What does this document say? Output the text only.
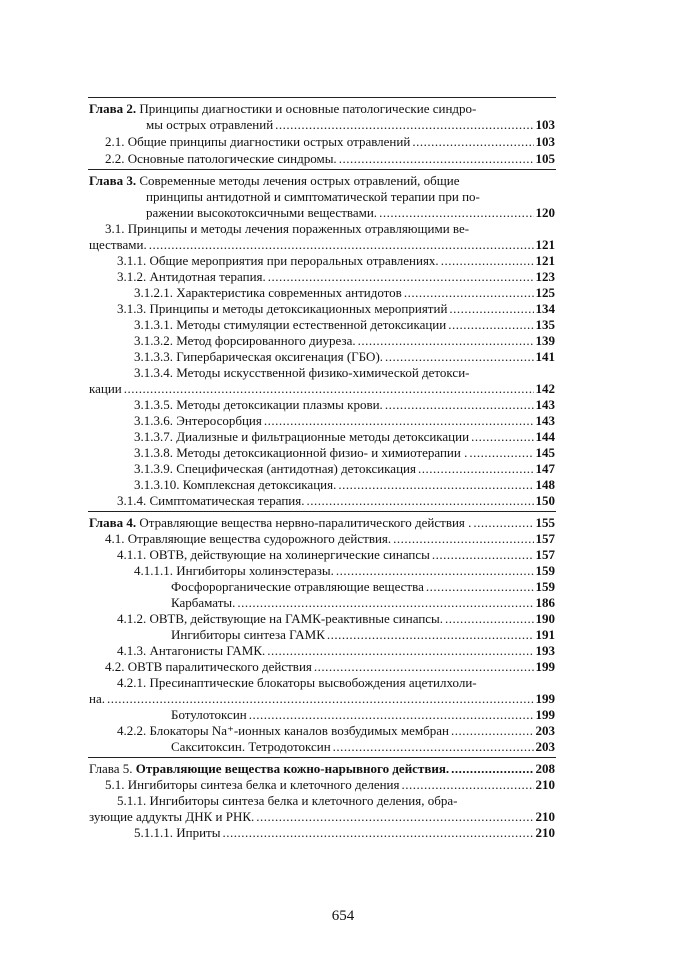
Глава 2. Принципы диагностики и основные патологические синдро-
мы острых отравлений .....	103
2.1. Общие принципы диагностики острых отравлений .....	103
2.2. Основные патологические синдромы. .....	105
Глава 3. Современные методы лечения острых отравлений, общие
принципы антидотной и симптоматической терапии при по-
ражении высокотоксичными веществами. .....	120
3.1. Принципы и методы лечения пораженных отравляющими ве-
ществами. .....	121
3.1.1. Общие мероприятия при пероральных отравлениях. .....	121
3.1.2. Антидотная терапия. .....	123
3.1.2.1. Характеристика современных антидотов .....	125
3.1.3. Принципы и методы детоксикационных мероприятий .....	134
3.1.3.1. Методы стимуляции естественной детоксикации .....	135
3.1.3.2. Метод форсированного диуреза. .....	139
3.1.3.3. Гипербарическая оксигенация (ГБО). .....	141
3.1.3.4. Методы искусственной физико-химической детокси-
кации .....	142
3.1.3.5. Методы детоксикации плазмы крови. .....	143
3.1.3.6. Энтеросорбция .....	143
3.1.3.7. Диализные и фильтрационные методы детоксикации .....	144
3.1.3.8. Методы детоксикационной физио- и химиотерапии . .....	145
3.1.3.9. Специфическая (антидотная) детоксикация .....	147
3.1.3.10. Комплексная детоксикация. .....	148
3.1.4. Симптоматическая терапия. .....	150
Глава 4. Отравляющие вещества нервно-паралитического действия . .....	155
4.1. Отравляющие вещества судорожного действия. .....	157
4.1.1. ОВТВ, действующие на холинергические синапсы .....	157
4.1.1.1. Ингибиторы холинэстеразы. .....	159
Фосфорорганические отравляющие вещества .....	159
Карбаматы. .....	186
4.1.2. ОВТВ, действующие на ГАМК-реактивные синапсы. .....	190
Ингибиторы синтеза ГАМК .....	191
4.1.3. Антагонисты ГАМК. .....	193
4.2. ОВТВ паралитического действия .....	199
4.2.1. Пресинаптические блокаторы высвобождения ацетилхоли-
на. .....	199
Ботулотоксин .....	199
4.2.2. Блокаторы Na⁺-ионных каналов возбудимых мембран .....	203
Сакситоксин. Тетродотоксин .....	203
Глава 5. Отравляющие вещества кожно-нарывного действия. .....	208
5.1. Ингибиторы синтеза белка и клеточного деления .....	210
5.1.1. Ингибиторы синтеза белка и клеточного деления, обра-
зующие аддукты ДНК и РНК. .....	210
5.1.1.1. Иприты .....	210
654
